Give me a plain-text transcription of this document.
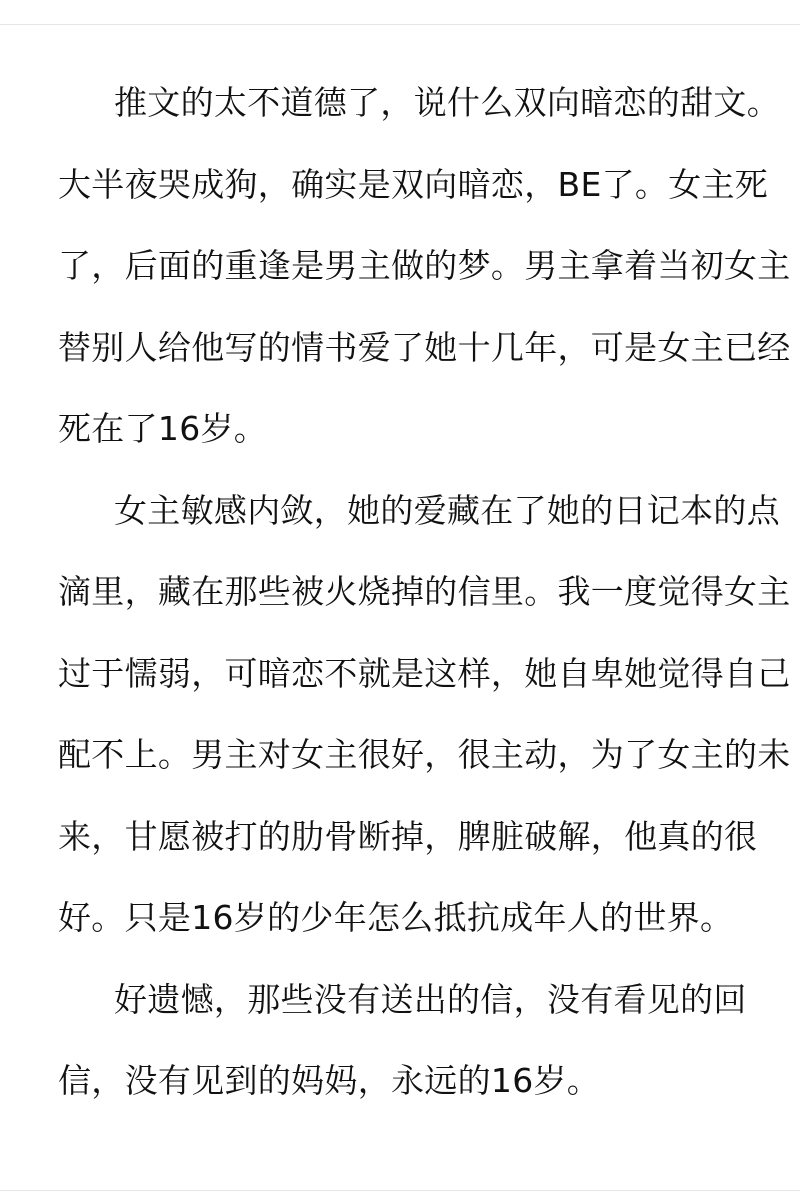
推文的太不道德了，说什么双向暗恋的甜文。
大半夜哭成狗，确实是双向暗恋，BE了。女主死
了，后面的重逢是男主做的梦。男主拿着当初女主
替别人给他写的情书爱了她十几年，可是女主已经
死在了16岁。

女主敏感内敛，她的爱藏在了她的日记本的点
滴里，藏在那些被火烧掉的信里。我一度觉得女主
过于懦弱，可暗恋不就是这样，她自卑她觉得自己
配不上。男主对女主很好，很主动，为了女主的未
来，甘愿被打的肋骨断掉，脾脏破解，他真的很
好。只是16岁的少年怎么抵抗成年人的世界。

好遗憾，那些没有送出的信，没有看见的回
信，没有见到的妈妈，永远的16岁。
